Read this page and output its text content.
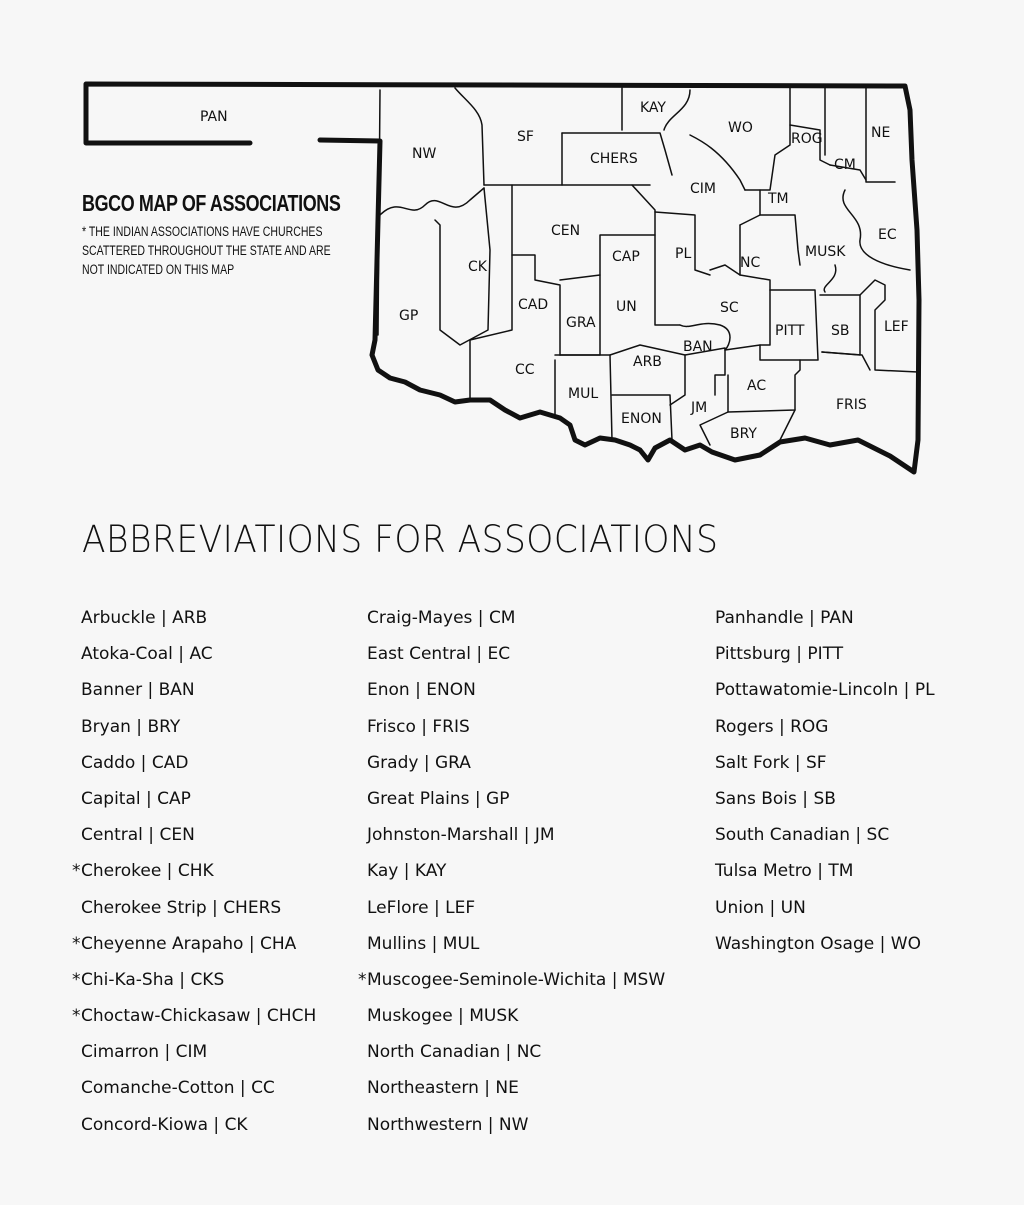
PAN
NW
SF
KAY
WO
ROG	NE
CHERS
CIM
CM
TM
EC
CEN
CK
MUSK
CAP	PL
NC
GP
CAD
GRA
UN	SC
PITT SB LEF
BAN
CC	ARB
MUL	AC
ENON
JM	FRIS
BRY
BGCO MAP OF ASSOCIATIONS
* THE INDIAN ASSOCIATIONS HAVE CHURCHES SCATTERED THROUGHOUT THE STATE AND ARE NOT INDICATED ON THIS MAP
ABBREVIATIONS FOR ASSOCIATIONS
Arbuckle | ARB
Atoka-Coal | AC
Banner | BAN
Bryan | BRY
Caddo | CAD
Capital | CAP
Central | CEN
*Cherokee | CHK
Cherokee Strip | CHERS
*Cheyenne Arapaho | CHA
*Chi-Ka-Sha | CKS
*Choctaw-Chickasaw | CHCH
Cimarron | CIM
Comanche-Cotton | CC
Concord-Kiowa | CK
Craig-Mayes | CM
East Central | EC
Enon | ENON
Frisco | FRIS
Grady | GRA
Great Plains | GP
Johnston-Marshall | JM
Kay | KAY
LeFlore | LEF
Mullins | MUL
*Muscogee-Seminole-Wichita | MSW
Muskogee | MUSK
North Canadian | NC
Northeastern | NE
Northwestern | NW
Panhandle | PAN
Pittsburg | PITT
Pottawatomie-Lincoln | PL
Rogers | ROG
Salt Fork | SF
Sans Bois | SB
South Canadian | SC
Tulsa Metro | TM
Union | UN
Washington Osage | WO
